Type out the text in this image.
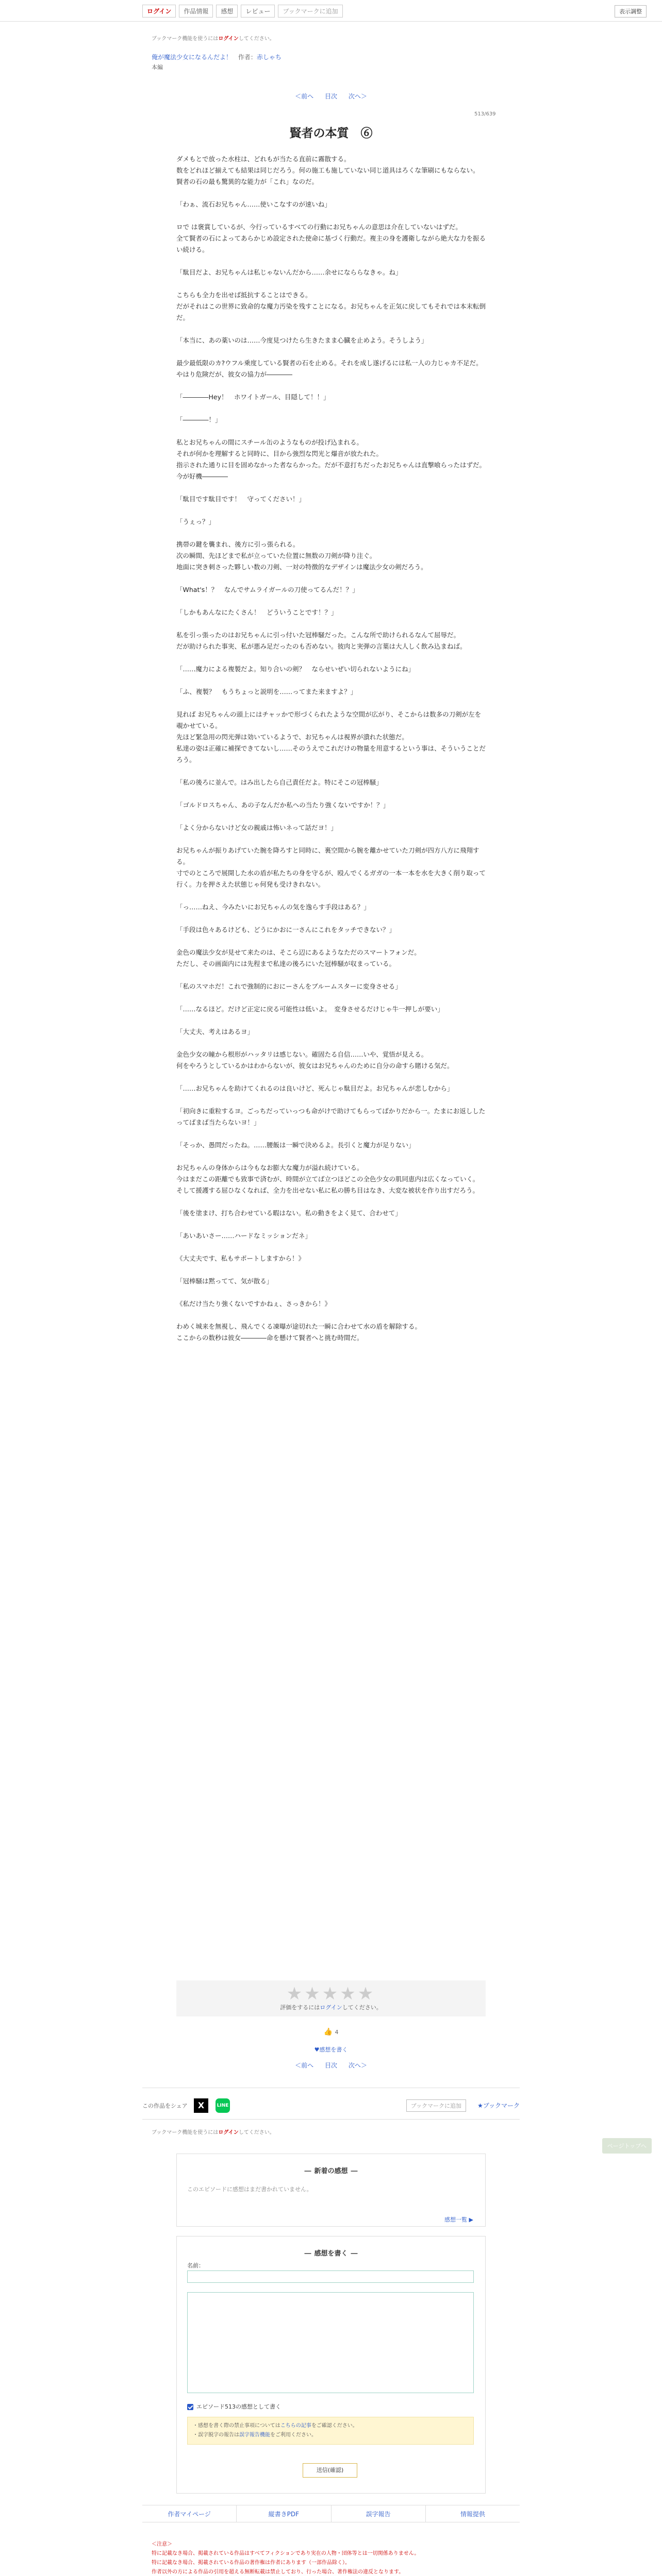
ログイン	作品情報	感想	レビュー	ブックマークに追加	表示調整
ブックマーク機能を使うにはログインしてください。
俺が魔法少女になるんだよ！ 作者：赤しゃち
本編
＜前へ 目次 次へ＞
513/639
賢者の本質　⑥

ダメもとで放った水柱は、どれもが当たる直前に霧散する。
数をどれほど揃えても結果は同じだろう。何の施工も施していない同じ道具はろくな筆刷にもならない。
賢者の石の最も驚異的な能力が「これ」なのだ。

「わぁ、流石お兄ちゃん……使いこなすのが速いね」

ロで は褒賞しているが、今行っているすべての行動にお兄ちゃんの意思は介在していないはずだ。
全て賢者の石によってあらかじめ設定された使命に基づく行動だ。複主の身を護衛しながら絶大な力を振るい続ける。

「駄目だよ、お兄ちゃんは私じゃないんだから……余せになららなきゃ。ね」

こちらも全力を出せば抵抗することはできる。
だがそれはこの世界に致命的な魔力汚染を残すことになる。お兄ちゃんを正気に戻してもそれでは本末転倒だ。

「本当に、あの薬いのは……今度見つけたら生きたまま心臓を止めよう。そうしよう」

最少最低限のカ?ウフル乗度している賢者の石を止める。それを成し遂げるには私一人の力じゃカ不足だ。
やはり危険だが、彼女の協力が――――

「――――Hey！　ホワイトガール、目隠して！！」

「――――！」

私とお兄ちゃんの間にスチール缶のようなものが投げ込まれる。
それが何かを理解すると同時に、目から強烈な閃光と爆音が放たれた。
指示された通りに目を固めなかった者ならかった。だが不意打ちだったお兄ちゃんは直撃喰らったはずだ。今が好機――――

「駄目です駄目です！　守ってください！」

「うぇっ？」

携帯の鍵を襲まれ、後方に引っ張られる。
次の瞬間、先ほどまで私が立っていた位置に無数の刀剣が降り注ぐ。
地面に突き刺さった夥しい数の刀剣、一対の特徴的なデザインは魔法少女の剣だろう。

「What's！？　なんでサムライガールの刀使ってるんだ！？」

「しかもあんなにたくさん！　どういうことです！？」

私を引っ張ったのはお兄ちゃんに引っ付いた冠棒騒だった。こんな所で助けられるなんて屈辱だ。
だが助けられた事実、私が悪み足だったのも否めない。彼肉と実弾の言葉は大人しく飲み込まねば。

「……魔力による複製だよ。知り合いの剣？　ならせいぜい切られないようにね」

「ふ、複製？　もうちょっと説明を……ってまた来ますよ？」

見れば お兄ちゃんの頭上にはチャッかで形づくられたような空間が広がり、そこからは数多の刀剣が左を覗かせている。
先ほど緊急用の閃光弾は効いているようで、お兄ちゃんは視界が潰れた状態だ。
私達の姿は正確に補探できてないし……そのうえでこれだけの物量を用意するという事は、そういうことだろう。

「私の後ろに並んで。はみ出したら自己責任だよ。特にそこの冠棒騒」

「ゴルドロスちゃん、あの子なんだか私への当たり強くないですか！？」

「よく分からないけど女の親戚は怖いネって話だヨ！」

お兄ちゃんが振りあげていた腕を降ろすと同時に、裏空間から腕を離かせていた刀剣が四方八方に飛翔する。
寸でのところで展開した水の盾が私たちの身を守るが、殴んでくるガガの一本一本を水を大きく削り取って行く。力を押さえた状態じゃ何発も受けきれない。

「っ……ねえ、今みたいにお兄ちゃんの気を逸らす手段はある？」

「手段は色々あるけども、どうにかおに一さんにこれをタッチできない？」

金色の魔法少女が見せて来たのは、そこら辺にあるようなただのスマートフォンだ。
ただし、その画面内には先程まで私達の後ろにいた冠棒騒が収まっている。

「私のスマホだ！これで強制的におにーさんをブルームスターに変身させる」

「……なるほど。だけど正定に戻る可能性は低いよ。　変身させるだけじゃ牛一押しが要い」

「大丈夫、考えはあるヨ」

金色少女の瞳から根形がハッタリは感じない。確固たる自信……いや、覚悟が見える。
何をやろうとしているかはわからないが、彼女はお兄ちゃんのために自分の命すら賭ける気だ。

「……お兄ちゃんを助けてくれるのは良いけど、死んじゃ駄目だよ。お兄ちゃんが悲しむから」

「初向きに重粒するヨ。ごっちだっていっつも命がけで助けてもらってばかりだから一。たまにお返ししたってばまば当たらないヨ！」

「そっか、愚問だったね。……腰飯は一瞬で決めるよ。長引くと魔力が足りない」

お兄ちゃんの身体からは今もなお膨大な魔力が溢れ続けている。
今はまだこの距離でも致事で済むが、時間が立てば立つほどこの全色少女の肌同恵内は広くなっていく。
そして援護する屈ひなくなれば、全力を出せない私に私の勝ち目はなき、大変な被状を作り出すだろう。

「後を塗まけ、打ち合わせている暇はない。私の動きをよく見て、合わせて」

「あいあいさー……ハードなミッションだネ」

《大丈夫です、私もサポートしますから！》

「冠棒騒は黙ってて、気が散る」

《私だけ当たり強くないですかねぇ、さっきから！》

わめく城来を無視し、飛んでくる凍曝が途切れた一瞬に合わせて水の盾を解除する。
ここからの数秒は彼女――――命を懸けて賢者へと挑む時間だ。

ページトップへ
★★★★★
評価をするにはログインしてください。
👍 4
♥感想を書く
＜前へ 目次 次へ＞
この作品をシェア	X	LINE	ブックマークに追加	★ブックマーク
ブックマーク機能を使うにはログインしてください。
― 新着の感想 ―
このエピソードに感想はまだ書かれていません。
感想一覧 ▶
― 感想を書く ―
名前：
エピソード513の感想として書く
・感想を書く際の禁止事項についてはこちらの記事をご確認ください。
・誤字脱字の報告は誤字報告機能をご利用ください。
送信(確認)
作者マイページ	縦書きPDF	誤字報告	情報提供
＜注意＞
特に記載なき場合、掲載されている作品はすべてフィクションであり実在の人物・団体等とは一切関係ありません。
特に記載なき場合、掲載されている作品の著作権は作者にあります（一部作品除く）。
作者以外の方による作品の引用を超える無断転載は禁止しており、行った場合、著作権法の違反となります。
